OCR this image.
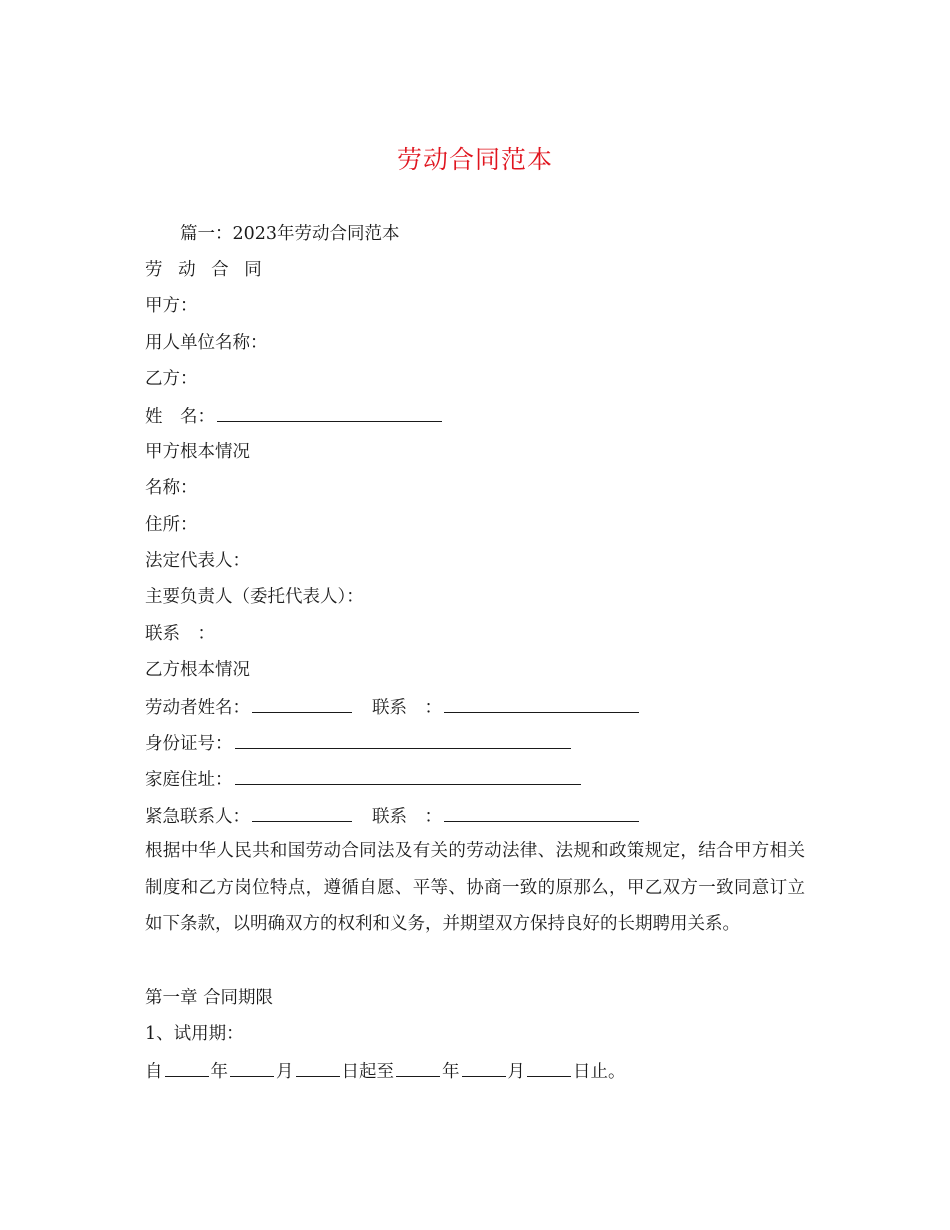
劳动合同范本
篇一：2023年劳动合同范本
劳 动 合 同
甲方：
用人单位名称：
乙方：
姓　名：
甲方根本情况
名称：
住所：
法定代表人：
主要负责人（委托代表人）：
联系　：
乙方根本情况
劳动者姓名：	联系　：
身份证号：
家庭住址：
紧急联系人：	联系　：
根据中华人民共和国劳动合同法及有关的劳动法律、法规和政策规定，结合甲方相关制度和乙方岗位特点，遵循自愿、平等、协商一致的原那么，甲乙双方一致同意订立如下条款，以明确双方的权利和义务，并期望双方保持良好的长期聘用关系。
第一章 合同期限
1、试用期：
自	年	月	日起至	年	月	日止。
